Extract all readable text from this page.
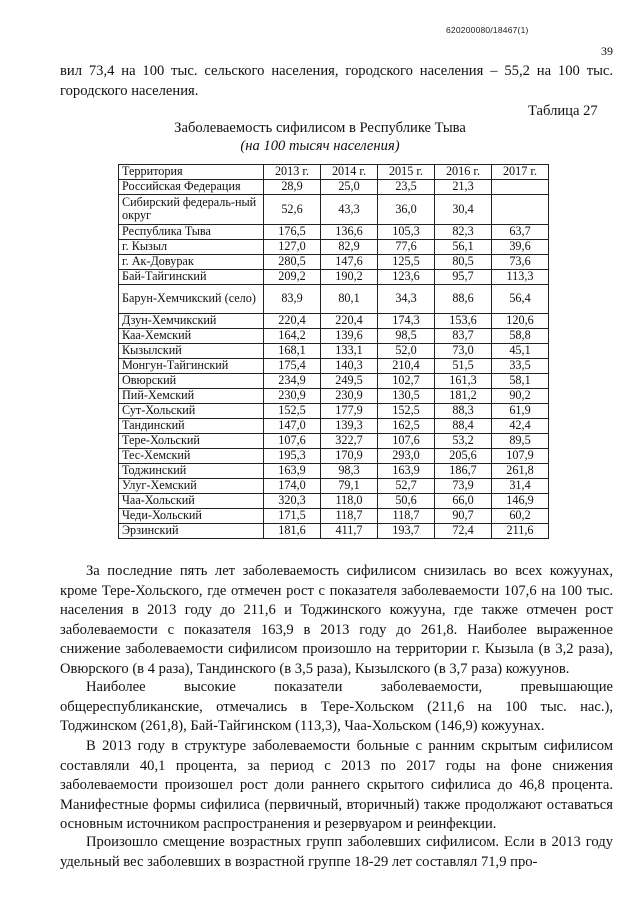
620200080/18467(1)
39

вил 73,4 на 100 тыс. сельского населения, городского населения – 55,2 на 100 тыс. городского населения.

Таблица 27
Заболеваемость сифилисом в Республике Тыва
(на 100 тысяч населения)
Территория	2013 г.	2014 г.	2015 г.	2016 г.	2017 г.
Российская Федерация	28,9	25,0	23,5	21,3	
Сибирский федераль-ный округ	52,6	43,3	36,0	30,4	
Республика Тыва	176,5	136,6	105,3	82,3	63,7
г. Кызыл	127,0	82,9	77,6	56,1	39,6
г. Ак-Довурак	280,5	147,6	125,5	80,5	73,6
Бай-Тайгинский	209,2	190,2	123,6	95,7	113,3
Барун-Хемчикский (село)	83,9	80,1	34,3	88,6	56,4
Дзун-Хемчикский	220,4	220,4	174,3	153,6	120,6
Каа-Хемский	164,2	139,6	98,5	83,7	58,8
Кызылский	168,1	133,1	52,0	73,0	45,1
Монгун-Тайгинский	175,4	140,3	210,4	51,5	33,5
Овюрский	234,9	249,5	102,7	161,3	58,1
Пий-Хемский	230,9	230,9	130,5	181,2	90,2
Сут-Хольский	152,5	177,9	152,5	88,3	61,9
Тандинский	147,0	139,3	162,5	88,4	42,4
Тере-Хольский	107,6	322,7	107,6	53,2	89,5
Тес-Хемский	195,3	170,9	293,0	205,6	107,9
Тоджинский	163,9	98,3	163,9	186,7	261,8
Улуг-Хемский	174,0	79,1	52,7	73,9	31,4
Чаа-Хольский	320,3	118,0	50,6	66,0	146,9
Чеди-Хольский	171,5	118,7	118,7	90,7	60,2
Эрзинский	181,6	411,7	193,7	72,4	211,6

За последние пять лет заболеваемость сифилисом снизилась во всех кожуунах, кроме Тере-Хольского, где отмечен рост с показателя заболеваемости 107,6 на 100 тыс. населения в 2013 году до 211,6 и Тоджинского кожууна, где также отмечен рост заболеваемости с показателя 163,9 в 2013 году до 261,8. Наиболее выраженное снижение заболеваемости сифилисом произошло на территории г. Кызыла (в 3,2 раза), Овюрского (в 4 раза), Тандинского (в 3,5 раза), Кызылского (в 3,7 раза) кожуунов.

Наиболее высокие показатели заболеваемости, превышающие общереспубликанские, отмечались в Тере-Хольском (211,6 на 100 тыс. нас.), Тоджинском (261,8), Бай-Тайгинском (113,3), Чаа-Хольском (146,9) кожуунах.

В 2013 году в структуре заболеваемости больные с ранним скрытым сифилисом составляли 40,1 процента, за период с 2013 по 2017 годы на фоне снижения заболеваемости произошел рост доли раннего скрытого сифилиса до 46,8 процента. Манифестные формы сифилиса (первичный, вторичный) также продолжают оставаться основным источником распространения и резервуаром и реинфекции.

Произошло смещение возрастных групп заболевших сифилисом. Если в 2013 году удельный вес заболевших в возрастной группе 18-29 лет составлял 71,9 про-
